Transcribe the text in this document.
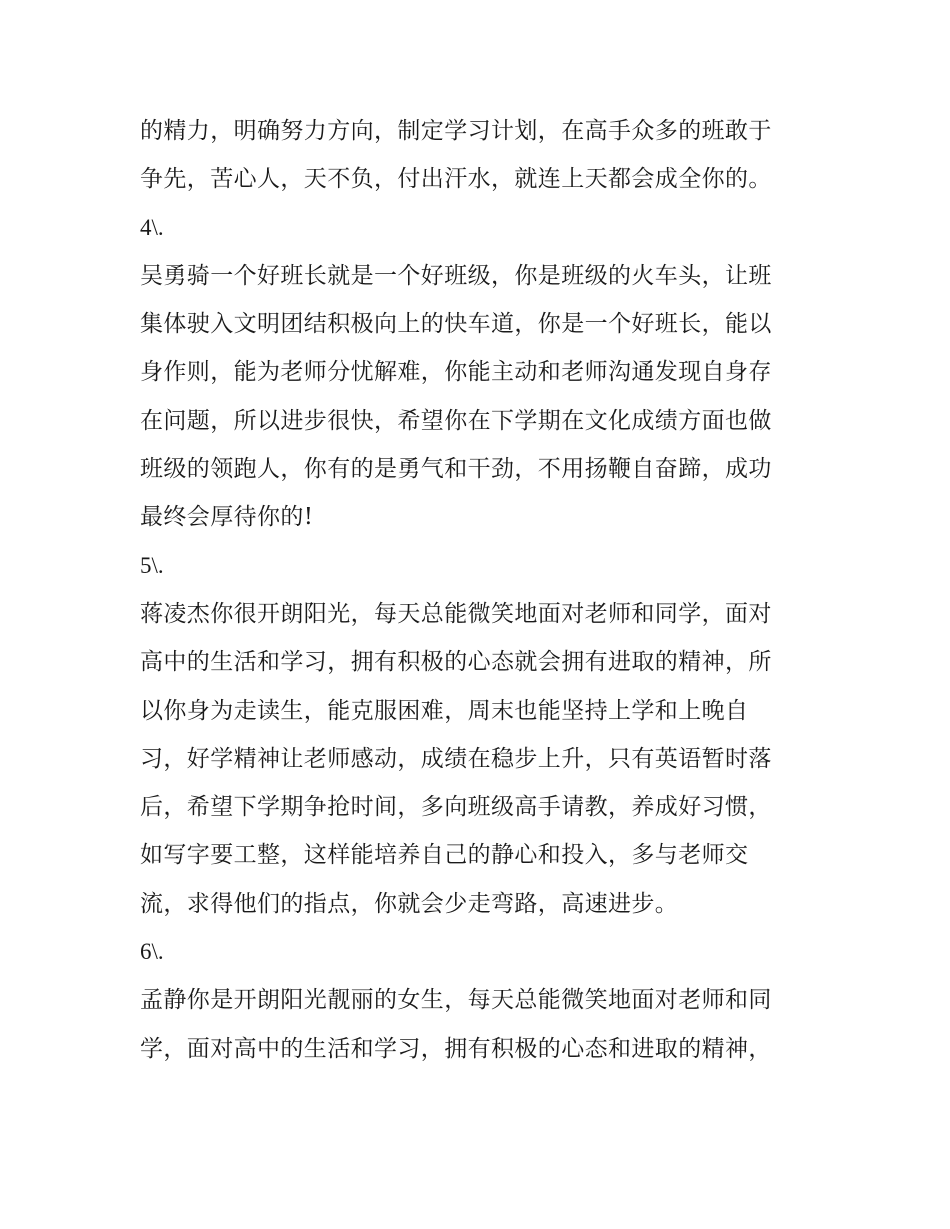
的精力，明确努力方向，制定学习计划，在高手众多的班敢于
争先，苦心人，天不负，付出汗水，就连上天都会成全你的。
4\.
吴勇骑一个好班长就是一个好班级，你是班级的火车头，让班
集体驶入文明团结积极向上的快车道，你是一个好班长，能以
身作则，能为老师分忧解难，你能主动和老师沟通发现自身存
在问题，所以进步很快，希望你在下学期在文化成绩方面也做
班级的领跑人，你有的是勇气和干劲，不用扬鞭自奋蹄，成功
最终会厚待你的!
5\.
蒋凌杰你很开朗阳光，每天总能微笑地面对老师和同学，面对
高中的生活和学习，拥有积极的心态就会拥有进取的精神，所
以你身为走读生，能克服困难，周末也能坚持上学和上晚自
习，好学精神让老师感动，成绩在稳步上升，只有英语暂时落
后，希望下学期争抢时间，多向班级高手请教，养成好习惯，
如写字要工整，这样能培养自己的静心和投入，多与老师交
流，求得他们的指点，你就会少走弯路，高速进步。
6\.
孟静你是开朗阳光靓丽的女生，每天总能微笑地面对老师和同
学，面对高中的生活和学习，拥有积极的心态和进取的精神，
